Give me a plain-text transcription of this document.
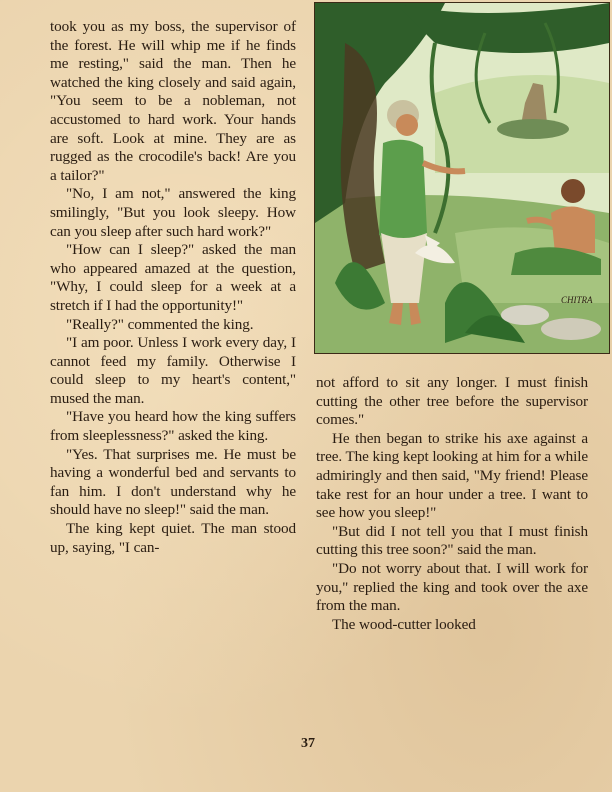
took you as my boss, the supervisor of the forest. He will whip me if he finds me resting," said the man. Then he watched the king closely and said again, "You seem to be a nobleman, not accustomed to hard work. Your hands are soft. Look at mine. They are as rugged as the crocodile's back! Are you a tailor?"

"No, I am not," answered the king smilingly, "But you look sleepy. How can you sleep after such hard work?"

"How can I sleep?" asked the man who appeared amazed at the question, "Why, I could sleep for a week at a stretch if I had the opportunity!"

"Really?" commented the king.

"I am poor. Unless I work every day, I cannot feed my family. Otherwise I could sleep to my heart's content," mused the man.

"Have you heard how the king suffers from sleeplessness?" asked the king.

"Yes. That surprises me. He must be having a wonderful bed and servants to fan him. I don't understand why he should have no sleep!" said the man.

The king kept quiet. The man stood up, saying, "I can-

CHITRA

not afford to sit any longer. I must finish cutting the other tree before the supervisor comes."

He then began to strike his axe against a tree. The king kept looking at him for a while admiringly and then said, "My friend! Please take rest for an hour under a tree. I want to see how you sleep!"

"But did I not tell you that I must finish cutting this tree soon?" said the man.

"Do not worry about that. I will work for you," replied the king and took over the axe from the man.

The wood-cutter looked

37
